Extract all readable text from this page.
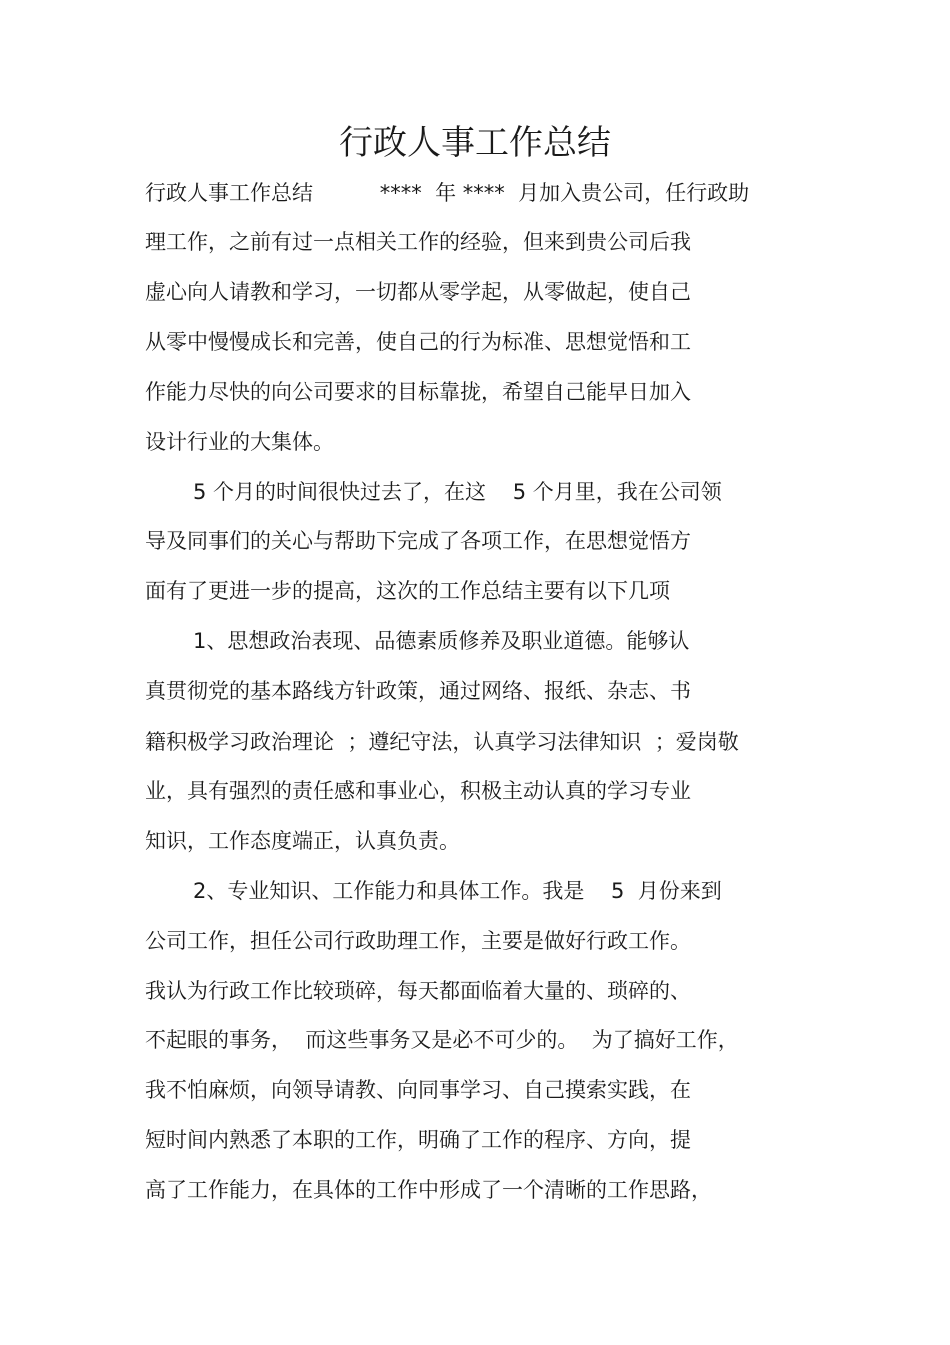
行政人事工作总结
行政人事工作总结          ****  年 ****  月加入贵公司，任行政助
理工作，之前有过一点相关工作的经验，但来到贵公司后我
虚心向人请教和学习，一切都从零学起，从零做起，使自己
从零中慢慢成长和完善，使自己的行为标准、思想觉悟和工
作能力尽快的向公司要求的目标靠拢，希望自己能早日加入
设计行业的大集体。
5 个月的时间很快过去了，在这    5 个月里，我在公司领
导及同事们的关心与帮助下完成了各项工作，在思想觉悟方
面有了更进一步的提高，这次的工作总结主要有以下几项
1、思想政治表现、品德素质修养及职业道德。能够认
真贯彻党的基本路线方针政策，通过网络、报纸、杂志、书
籍积极学习政治理论  ；遵纪守法，认真学习法律知识  ；爱岗敬
业，具有强烈的责任感和事业心，积极主动认真的学习专业
知识，工作态度端正，认真负责。
2、专业知识、工作能力和具体工作。我是    5  月份来到
公司工作，担任公司行政助理工作，主要是做好行政工作。
我认为行政工作比较琐碎，每天都面临着大量的、琐碎的、
不起眼的事务，  而这些事务又是必不可少的。  为了搞好工作，
我不怕麻烦，向领导请教、向同事学习、自己摸索实践，在
短时间内熟悉了本职的工作，明确了工作的程序、方向，提
高了工作能力，在具体的工作中形成了一个清晰的工作思路，
